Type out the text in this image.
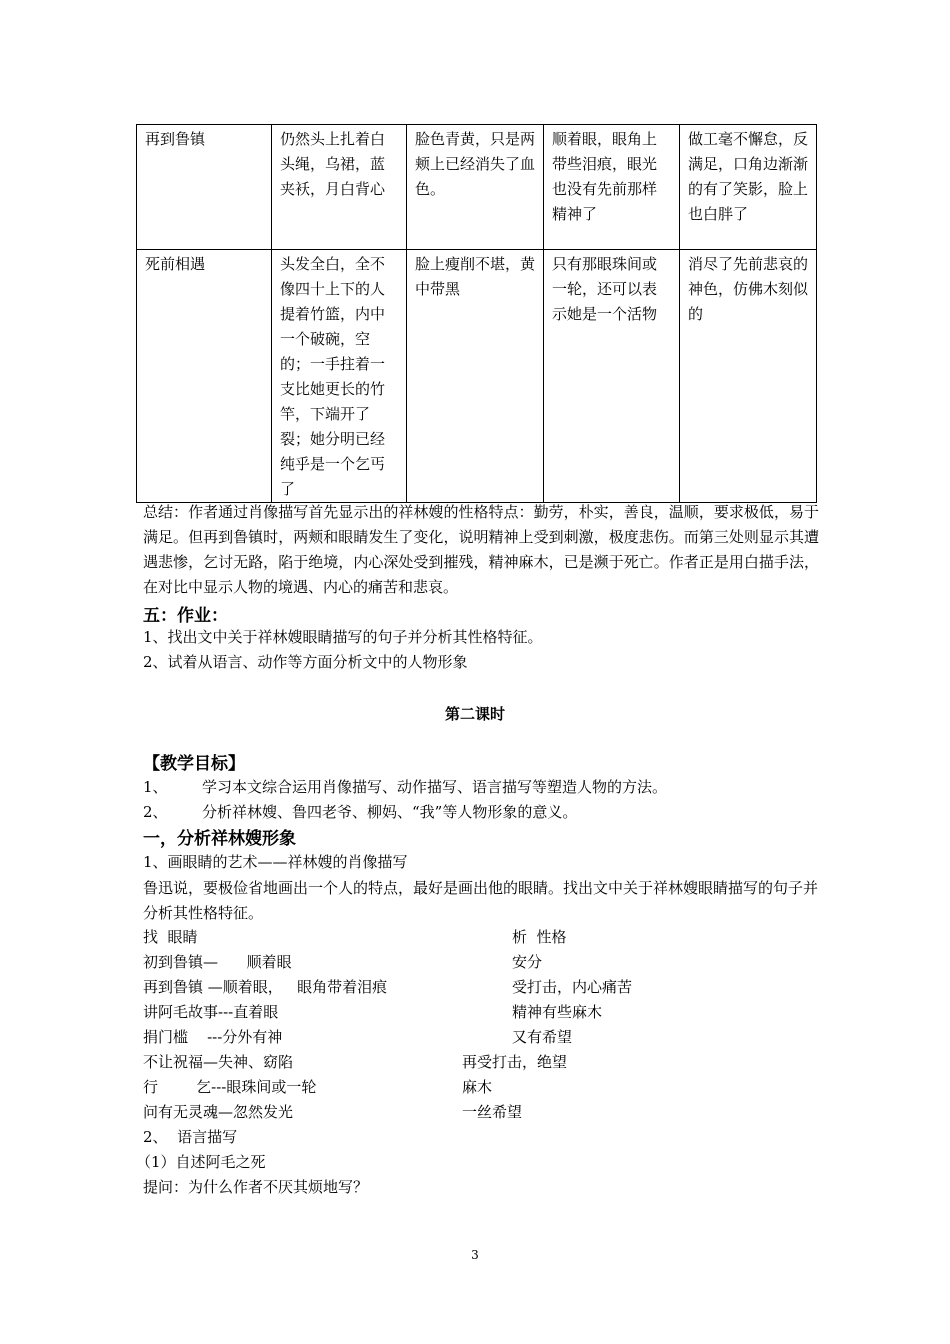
再到鲁镇	仍然头上扎着白头绳，乌裙，蓝夹袄，月白背心	脸色青黄，只是两颊上已经消失了血色。	顺着眼，眼角上带些泪痕，眼光也没有先前那样精神了	做工毫不懈怠，反满足，口角边渐渐的有了笑影，脸上也白胖了
死前相遇	头发全白，全不像四十上下的人提着竹篮，内中一个破碗，空的；一手拄着一支比她更长的竹竿，下端开了裂；她分明已经纯乎是一个乞丐了	脸上瘦削不堪，黄中带黑	只有那眼珠间或一轮，还可以表示她是一个活物	消尽了先前悲哀的神色，仿佛木刻似的
总结：作者通过肖像描写首先显示出的祥林嫂的性格特点：勤劳，朴实，善良，温顺，要求极低，易于满足。但再到鲁镇时，两颊和眼睛发生了变化，说明精神上受到刺激，极度悲伤。而第三处则显示其遭遇悲惨，乞讨无路，陷于绝境，内心深处受到摧残，精神麻木，已是濒于死亡。作者正是用白描手法，在对比中显示人物的境遇、内心的痛苦和悲哀。
五：作业：
1、找出文中关于祥林嫂眼睛描写的句子并分析其性格特征。
2、试着从语言、动作等方面分析文中的人物形象
第二课时
【教学目标】
1、 学习本文综合运用肖像描写、动作描写、语言描写等塑造人物的方法。
2、 分析祥林嫂、鲁四老爷、柳妈、“我”等人物形象的意义。
一，分析祥林嫂形象
1、画眼睛的艺术——祥林嫂的肖像描写
鲁迅说，要极俭省地画出一个人的特点，最好是画出他的眼睛。找出文中关于祥林嫂眼睛描写的句子并分析其性格特征。
找  眼睛	析  性格
初到鲁镇—      顺着眼	安分
再到鲁镇 —顺着眼，   眼角带着泪痕	受打击，内心痛苦
讲阿毛故事---直着眼	精神有些麻木
捐门槛    ---分外有神	又有希望
不让祝福—失神、窈陷	再受打击，绝望
行        乞---眼珠间或一轮	麻木
问有无灵魂—忽然发光	一丝希望
2、  语言描写
（1）自述阿毛之死
提问：为什么作者不厌其烦地写？
3
